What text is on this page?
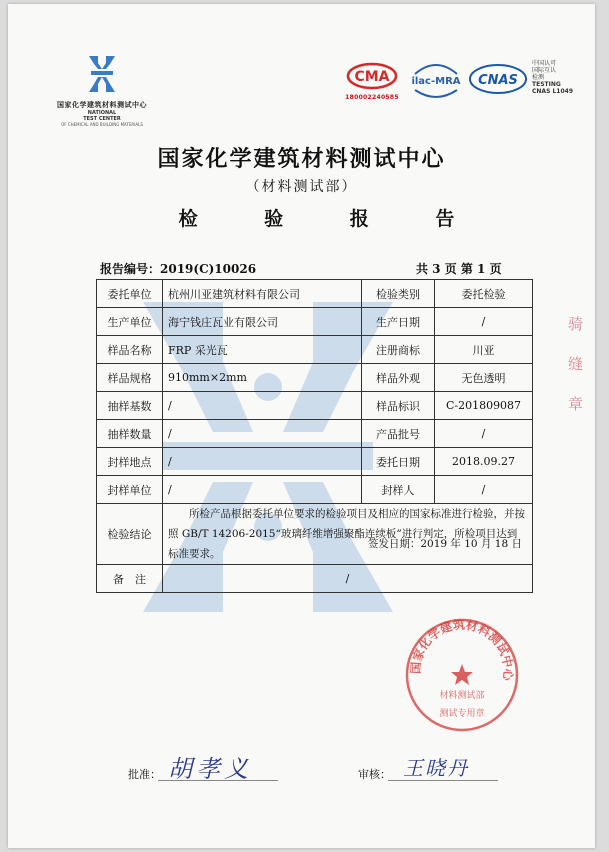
国家化学建筑材料测试中心
NATIONAL
TEST CENTER
OF CHEMICAL AND BUILDING MATERIALS
CMA
180002240585
ilac-MRA CNAS
中国认可
国际互认
检测
TESTING
CNAS L1049
国家化学建筑材料测试中心
（材料测试部）
检 验 报 告
报告编号：2019(C)10026	共 3 页 第 1 页
委托单位	杭州川亚建筑材料有限公司	检验类别	委托检验
生产单位	海宁钱庄瓦业有限公司	生产日期	/
样品名称	FRP 采光瓦	注册商标	川亚
样品规格	910mm×2mm	样品外观	无色透明
抽样基数	/	样品标识	C-201809087
抽样数量	/	产品批号	/
封样地点	/	委托日期	2018.09.27
封样单位	/	封样人	/
检验结论	所检产品根据委托单位要求的检验项目及相应的国家标准进行检验，并按照 GB/T 14206-2015“玻璃纤维增强聚酯连续板”进行判定，所检项目达到标准要求。
签发日期：2019 年 10 月 18 日		

备　注	/		
国家化学建筑材料测试中心
材料测试部
测试专用章
骑
缝
章
批准： 胡孝义	审核： 王晓丹
